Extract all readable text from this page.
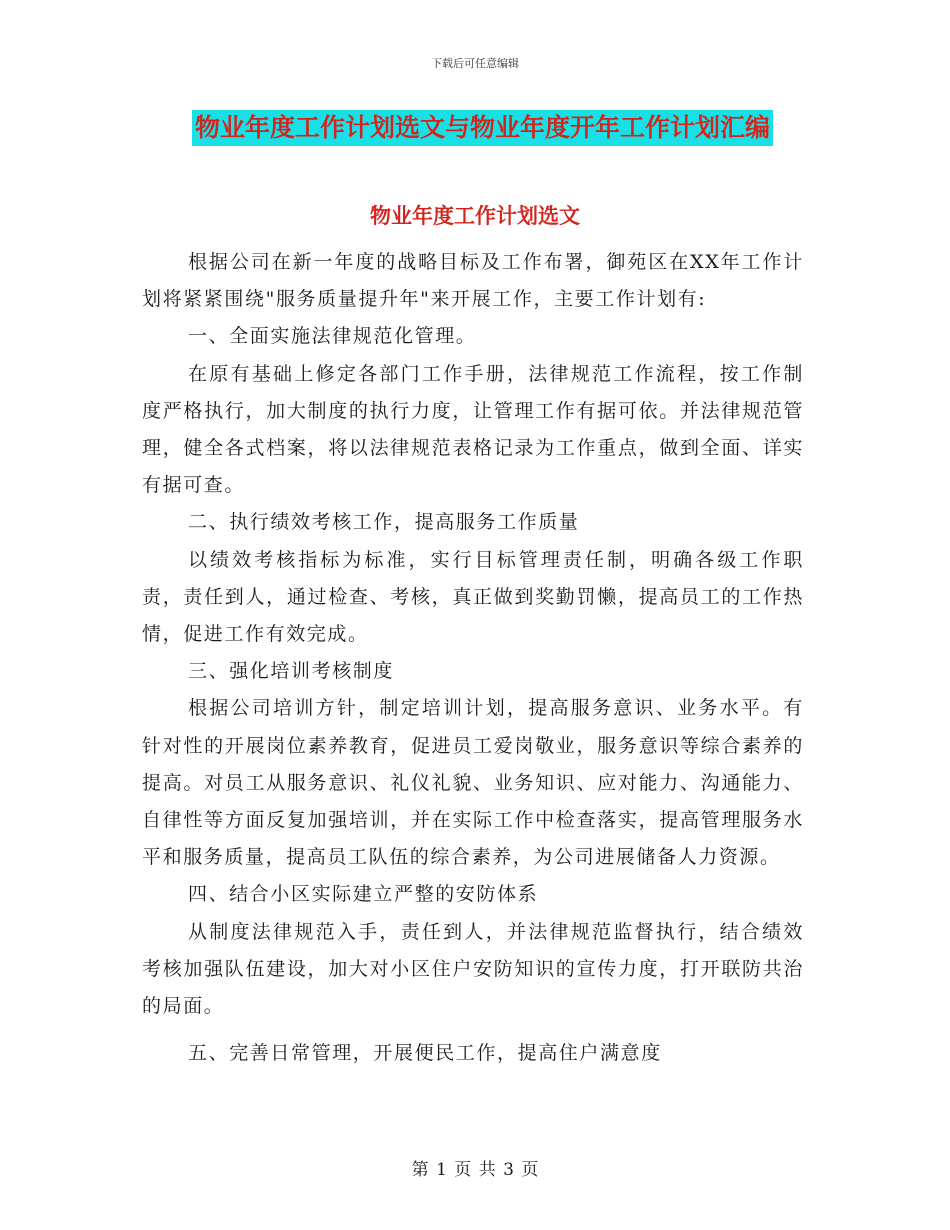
下载后可任意编辑
物业年度工作计划选文与物业年度开年工作计划汇编
物业年度工作计划选文

根据公司在新一年度的战略目标及工作布署，御苑区在XX年工作计划将紧紧围绕"服务质量提升年"来开展工作，主要工作计划有:

一、全面实施法律规范化管理。

在原有基础上修定各部门工作手册，法律规范工作流程，按工作制度严格执行，加大制度的执行力度，让管理工作有据可依。并法律规范管理，健全各式档案，将以法律规范表格记录为工作重点，做到全面、详实有据可查。

二、执行绩效考核工作，提高服务工作质量

以绩效考核指标为标准，实行目标管理责任制，明确各级工作职责，责任到人，通过检查、考核，真正做到奖勤罚懒，提高员工的工作热情，促进工作有效完成。

三、强化培训考核制度

根据公司培训方针，制定培训计划，提高服务意识、业务水平。有针对性的开展岗位素养教育，促进员工爱岗敬业，服务意识等综合素养的提高。对员工从服务意识、礼仪礼貌、业务知识、应对能力、沟通能力、自律性等方面反复加强培训，并在实际工作中检查落实，提高管理服务水平和服务质量，提高员工队伍的综合素养，为公司进展储备人力资源。

四、结合小区实际建立严整的安防体系

从制度法律规范入手，责任到人，并法律规范监督执行，结合绩效考核加强队伍建设，加大对小区住户安防知识的宣传力度，打开联防共治的局面。

五、完善日常管理，开展便民工作，提高住户满意度

第 1 页 共 3 页
